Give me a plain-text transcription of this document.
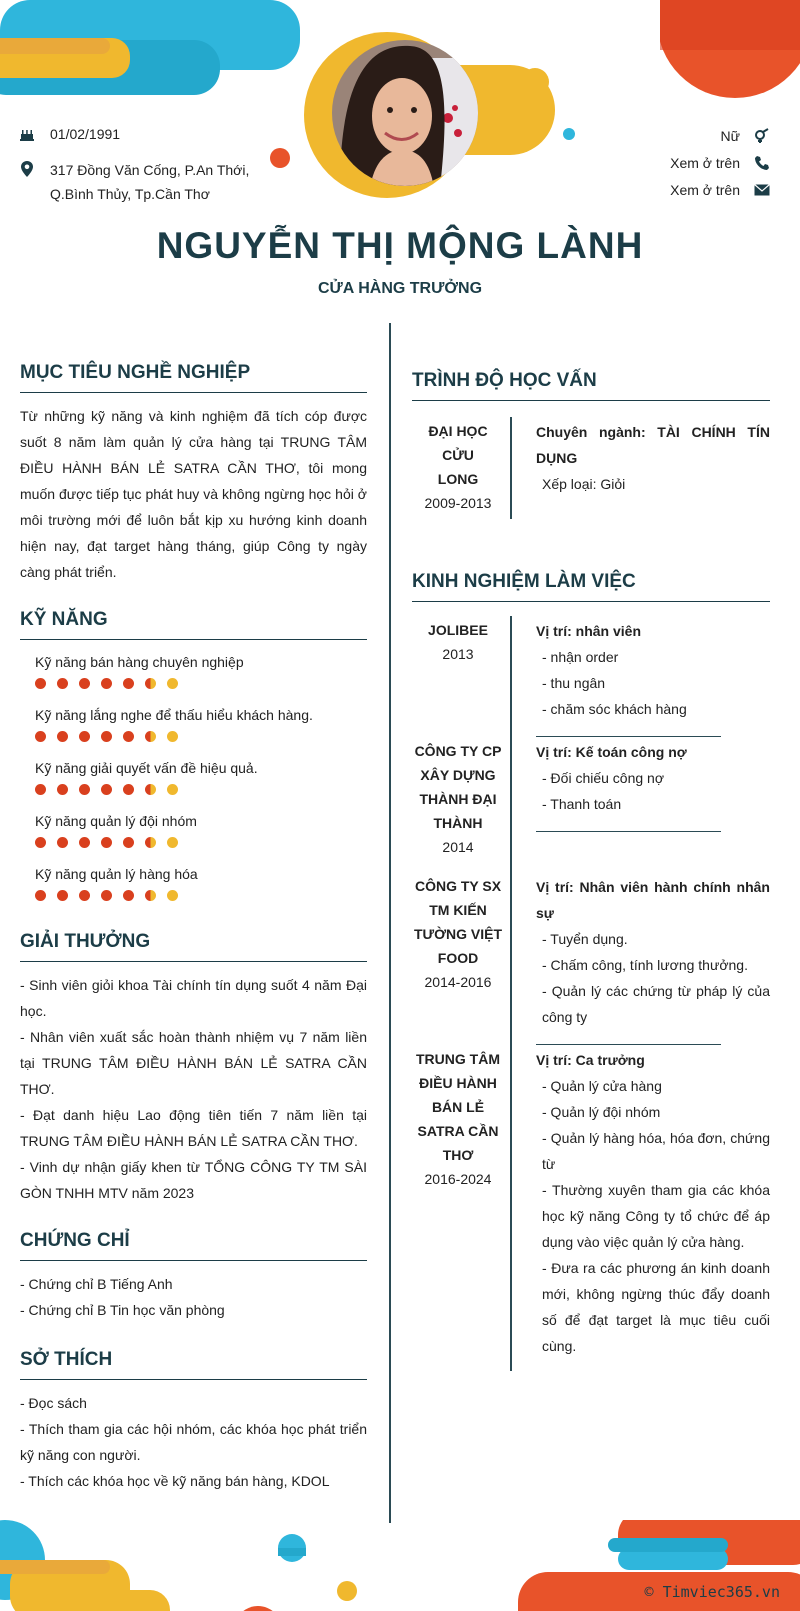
01/02/1991
317 Đồng Văn Cống, P.An Thới,
Q.Bình Thủy, Tp.Cần Thơ
Nữ
Xem ở trên
Xem ở trên
NGUYỄN THỊ MỘNG LÀNH
CỬA HÀNG TRƯỞNG
MỤC TIÊU NGHỀ NGHIỆP

Từ những kỹ năng và kinh nghiệm đã tích cóp được suốt 8 năm làm quản lý cửa hàng tại TRUNG TÂM ĐIỀU HÀNH BÁN LẺ SATRA CẦN THƠ, tôi mong muốn được tiếp tục phát huy và không ngừng học hỏi ở môi trường mới để luôn bắt kịp xu hướng kinh doanh hiện nay, đạt target hàng tháng, giúp Công ty ngày càng phát triển.

KỸ NĂNG
Kỹ năng bán hàng chuyên nghiệp
Kỹ năng lắng nghe để thấu hiểu khách hàng.
Kỹ năng giải quyết vấn đề hiệu quả.
Kỹ năng quản lý đội nhóm
Kỹ năng quản lý hàng hóa
GIẢI THƯỞNG
- Sinh viên giỏi khoa Tài chính tín dụng suốt 4 năm Đại học.
- Nhân viên xuất sắc hoàn thành nhiệm vụ 7 năm liền tại TRUNG TÂM ĐIỀU HÀNH BÁN LẺ SATRA CẦN THƠ.
- Đạt danh hiệu Lao động tiên tiến 7 năm liền tại TRUNG TÂM ĐIỀU HÀNH BÁN LẺ SATRA CẦN THƠ.
- Vinh dự nhận giấy khen từ TỔNG CÔNG TY TM SÀI GÒN TNHH MTV năm 2023
CHỨNG CHỈ
- Chứng chỉ B Tiếng Anh
- Chứng chỉ B Tin học văn phòng
SỞ THÍCH
- Đọc sách
- Thích tham gia các hội nhóm, các khóa học phát triển kỹ năng con người.
- Thích các khóa học về kỹ năng bán hàng, KDOL
TRÌNH ĐỘ HỌC VẤN
ĐẠI HỌC CỬU
LONG
2009-2013
Chuyên ngành: TÀI CHÍNH TÍN DỤNG
Xếp loại: Giỏi
KINH NGHIỆM LÀM VIỆC
JOLIBEE
2013
Vị trí: nhân viên
- nhận order
- thu ngân
- chăm sóc khách hàng
CÔNG TY CP
XÂY DỰNG
THÀNH ĐẠI
THÀNH
2014
Vị trí: Kế toán công nợ
- Đối chiếu công nợ
- Thanh toán
CÔNG TY SX
TM KIẾN
TƯỜNG VIỆT
FOOD
2014-2016
Vị trí: Nhân viên hành chính nhân sự
- Tuyển dụng.
- Chấm công, tính lương thưởng.
- Quản lý các chứng từ pháp lý của công ty
TRUNG TÂM
ĐIỀU HÀNH
BÁN LẺ
SATRA CẦN
THƠ
2016-2024
Vị trí: Ca trưởng
- Quản lý cửa hàng
- Quản lý đội nhóm
- Quản lý hàng hóa, hóa đơn, chứng từ
- Thường xuyên tham gia các khóa học kỹ năng Công ty tổ chức để áp dụng vào việc quản lý cửa hàng.
- Đưa ra các phương án kinh doanh mới, không ngừng thúc đẩy doanh số để đạt target là mục tiêu cuối cùng.
© Timviec365.vn
